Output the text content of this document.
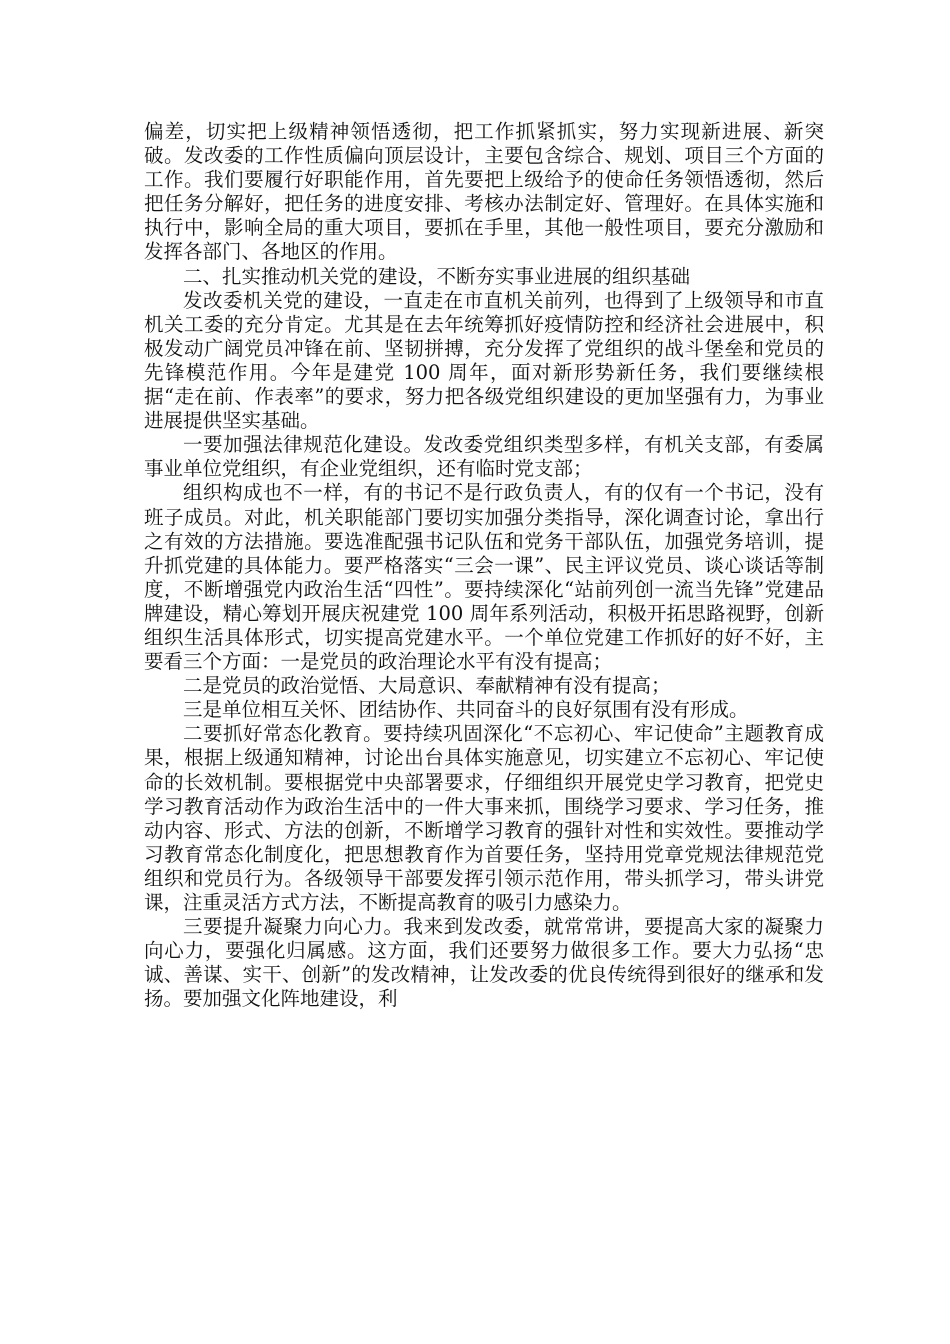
偏差，切实把上级精神领悟透彻，把工作抓紧抓实，努力实现新进展、新突破。发改委的工作性质偏向顶层设计，主要包含综合、规划、项目三个方面的工作。我们要履行好职能作用，首先要把上级给予的使命任务领悟透彻，然后把任务分解好，把任务的进度安排、考核办法制定好、管理好。在具体实施和执行中，影响全局的重大项目，要抓在手里，其他一般性项目，要充分激励和发挥各部门、各地区的作用。

二、扎实推动机关党的建设，不断夯实事业进展的组织基础

发改委机关党的建设，一直走在市直机关前列，也得到了上级领导和市直机关工委的充分肯定。尤其是在去年统筹抓好疫情防控和经济社会进展中，积极发动广阔党员冲锋在前、坚韧拼搏，充分发挥了党组织的战斗堡垒和党员的先锋模范作用。今年是建党 100 周年，面对新形势新任务，我们要继续根据“走在前、作表率”的要求，努力把各级党组织建设的更加坚强有力，为事业进展提供坚实基础。

一要加强法律规范化建设。发改委党组织类型多样，有机关支部，有委属事业单位党组织，有企业党组织，还有临时党支部；

组织构成也不一样，有的书记不是行政负责人，有的仅有一个书记，没有班子成员。对此，机关职能部门要切实加强分类指导，深化调查讨论，拿出行之有效的方法措施。要选准配强书记队伍和党务干部队伍，加强党务培训，提升抓党建的具体能力。要严格落实“三会一课”、民主评议党员、谈心谈话等制度，不断增强党内政治生活“四性”。要持续深化“站前列创一流当先锋”党建品牌建设，精心筹划开展庆祝建党 100 周年系列活动，积极开拓思路视野，创新组织生活具体形式，切实提高党建水平。一个单位党建工作抓好的好不好，主要看三个方面：一是党员的政治理论水平有没有提高；

二是党员的政治觉悟、大局意识、奉献精神有没有提高；

三是单位相互关怀、团结协作、共同奋斗的良好氛围有没有形成。

二要抓好常态化教育。要持续巩固深化“不忘初心、牢记使命”主题教育成果，根据上级通知精神，讨论出台具体实施意见，切实建立不忘初心、牢记使命的长效机制。要根据党中央部署要求，仔细组织开展党史学习教育，把党史学习教育活动作为政治生活中的一件大事来抓，围绕学习要求、学习任务，推动内容、形式、方法的创新，不断增学习教育的强针对性和实效性。要推动学习教育常态化制度化，把思想教育作为首要任务，坚持用党章党规法律规范党组织和党员行为。各级领导干部要发挥引领示范作用，带头抓学习，带头讲党课，注重灵活方式方法，不断提高教育的吸引力感染力。

三要提升凝聚力向心力。我来到发改委，就常常讲，要提高大家的凝聚力向心力，要强化归属感。这方面，我们还要努力做很多工作。要大力弘扬“忠诚、善谋、实干、创新”的发改精神，让发改委的优良传统得到很好的继承和发扬。要加强文化阵地建设，利
